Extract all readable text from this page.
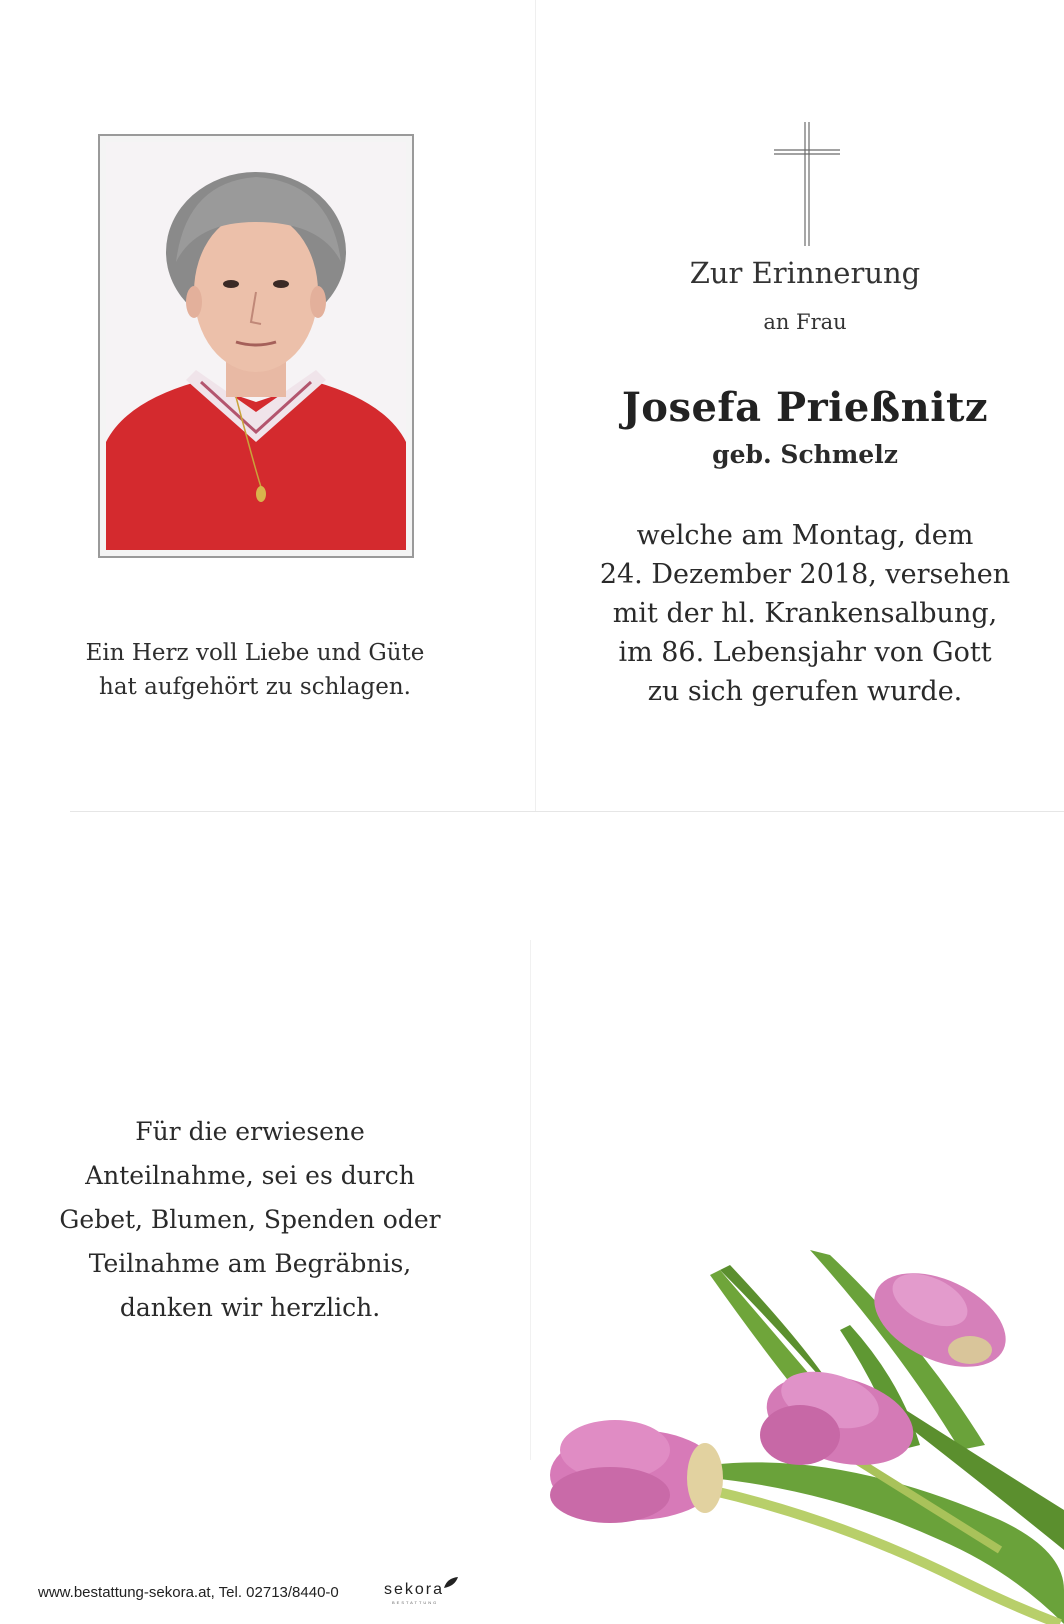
Ein Herz voll Liebe und Güte
hat aufgehört zu schlagen.
Zur Erinnerung
an Frau
Josefa Prießnitz
geb. Schmelz
welche am Montag, dem
24. Dezember 2018, versehen
mit der hl. Krankensalbung,
im 86. Lebensjahr von Gott
zu sich gerufen wurde.
Für die erwiesene
Anteilnahme, sei es durch
Gebet, Blumen, Spenden oder
Teilnahme am Begräbnis,
danken wir herzlich.
www.bestattung-sekora.at, Tel. 02713/8440-0	sekora
BESTATTUNG
